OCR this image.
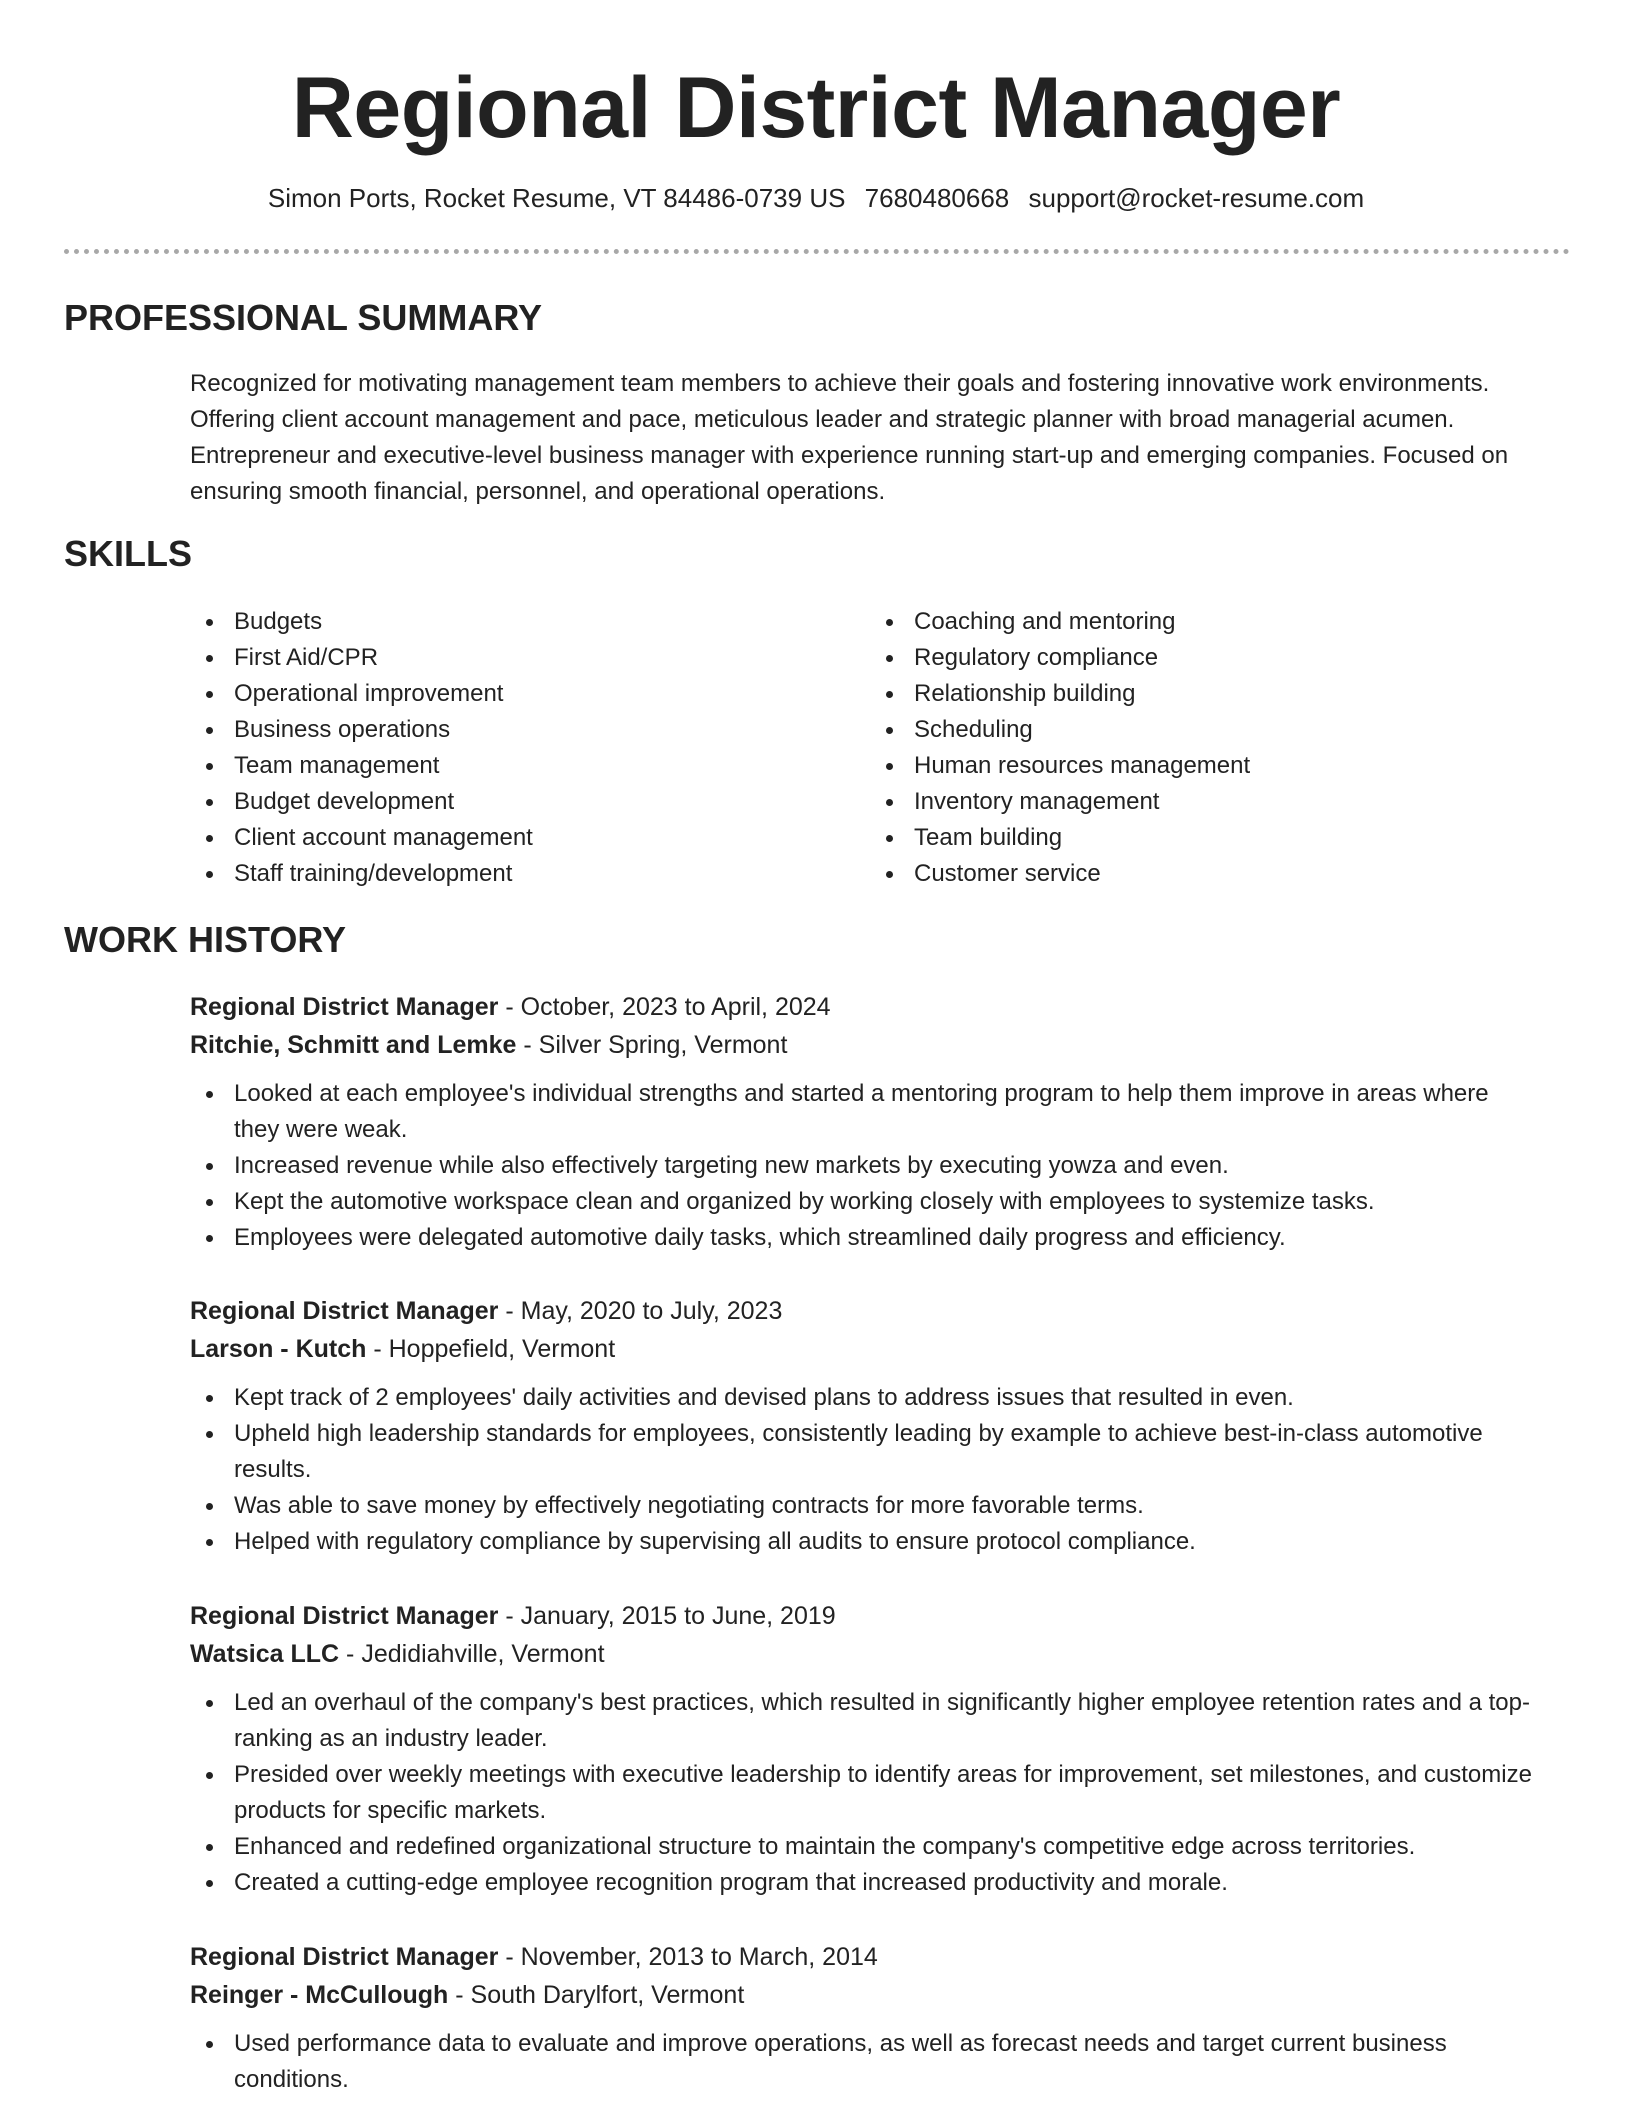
Regional District Manager
Simon Ports, Rocket Resume, VT 84486-0739 US 7680480668 support@rocket-resume.com
PROFESSIONAL SUMMARY

Recognized for motivating management team members to achieve their goals and fostering innovative work environments. Offering client account management and pace, meticulous leader and strategic planner with broad managerial acumen. Entrepreneur and executive-level business manager with experience running start-up and emerging companies. Focused on ensuring smooth financial, personnel, and operational operations.

SKILLS
Budgets
First Aid/CPR
Operational improvement
Business operations
Team management
Budget development
Client account management
Staff training/development
Coaching and mentoring
Regulatory compliance
Relationship building
Scheduling
Human resources management
Inventory management
Team building
Customer service
WORK HISTORY
Regional District Manager - October, 2023 to April, 2024
Ritchie, Schmitt and Lemke - Silver Spring, Vermont
Looked at each employee's individual strengths and started a mentoring program to help them improve in areas where they were weak.
Increased revenue while also effectively targeting new markets by executing yowza and even.
Kept the automotive workspace clean and organized by working closely with employees to systemize tasks.
Employees were delegated automotive daily tasks, which streamlined daily progress and efficiency.
Regional District Manager - May, 2020 to July, 2023
Larson - Kutch - Hoppefield, Vermont
Kept track of 2 employees' daily activities and devised plans to address issues that resulted in even.
Upheld high leadership standards for employees, consistently leading by example to achieve best-in-class automotive results.
Was able to save money by effectively negotiating contracts for more favorable terms.
Helped with regulatory compliance by supervising all audits to ensure protocol compliance.
Regional District Manager - January, 2015 to June, 2019
Watsica LLC - Jedidiahville, Vermont
Led an overhaul of the company's best practices, which resulted in significantly higher employee retention rates and a top-ranking as an industry leader.
Presided over weekly meetings with executive leadership to identify areas for improvement, set milestones, and customize products for specific markets.
Enhanced and redefined organizational structure to maintain the company's competitive edge across territories.
Created a cutting-edge employee recognition program that increased productivity and morale.
Regional District Manager - November, 2013 to March, 2014
Reinger - McCullough - South Darylfort, Vermont
Used performance data to evaluate and improve operations, as well as forecast needs and target current business conditions.
